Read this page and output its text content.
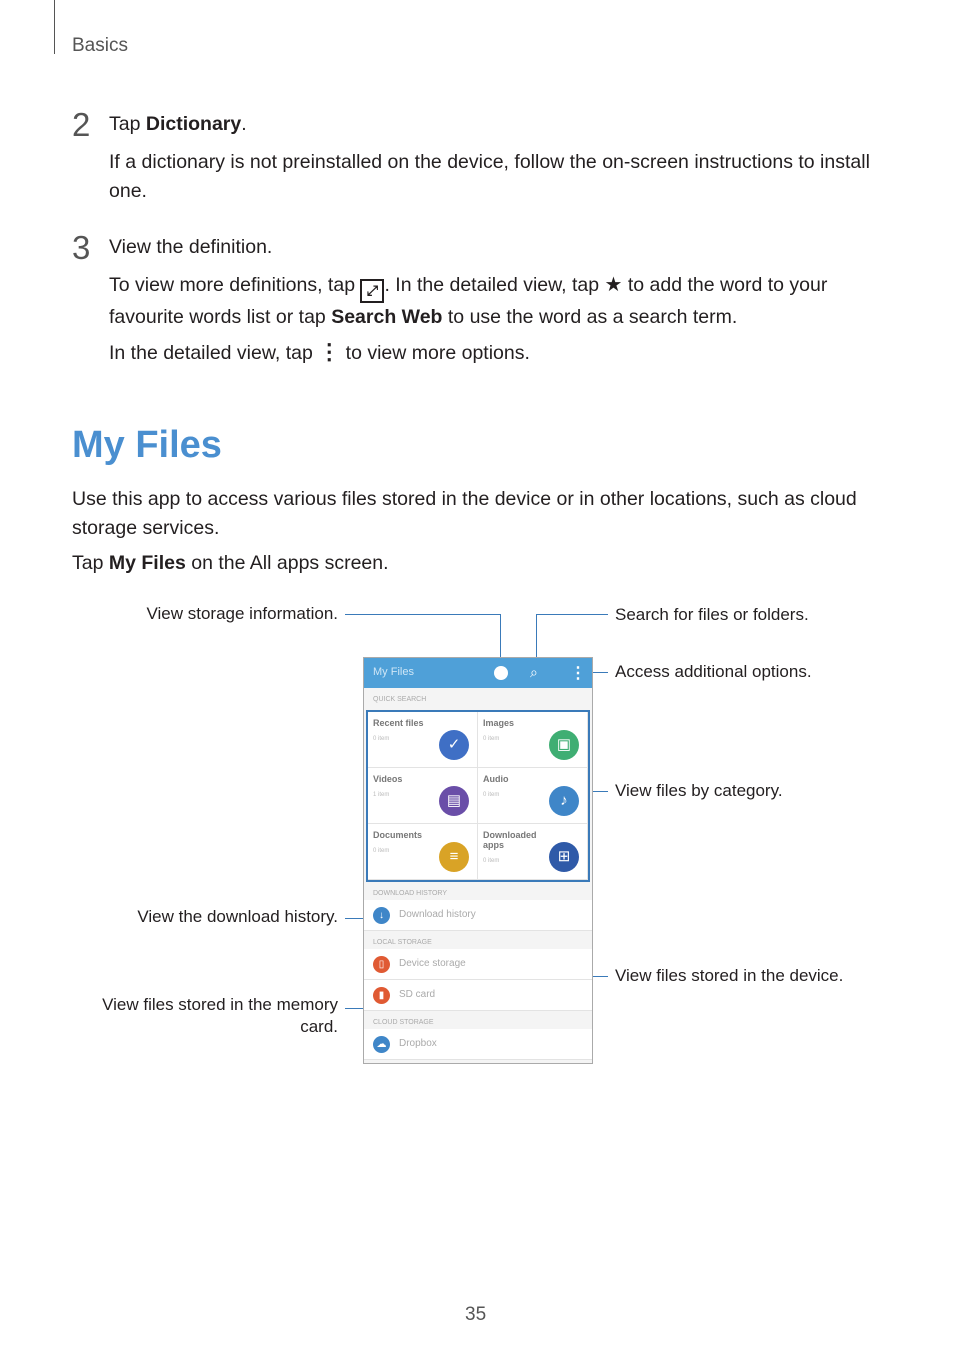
Basics
2 Tap Dictionary.
If a dictionary is not preinstalled on the device, follow the on-screen instructions to install one.
3 View the definition.
To view more definitions, tap ⤢ . In the detailed view, tap ★ to add the word to your favourite words list or tap Search Web to use the word as a search term.
In the detailed view, tap ⋮ to view more options.
My Files
Use this app to access various files stored in the device or in other locations, such as cloud storage services.
Tap My Files on the All apps screen.
View storage information.	Search for files or folders.
Access additional options.
View files by category.
View the download history.
View files stored in the device.
View files stored in the memory card.
My Files	⌕ ⋮
QUICK SEARCH
Recent files
0 item	✓
Images
0 item	▣
Videos
1 item	▤
Audio
0 item	♪
Documents
0 item	≡
Downloaded apps
0 item	⊞
DOWNLOAD HISTORY
↓	Download history
LOCAL STORAGE
▯	Device storage
▮	SD card
CLOUD STORAGE
☁	Dropbox
35
